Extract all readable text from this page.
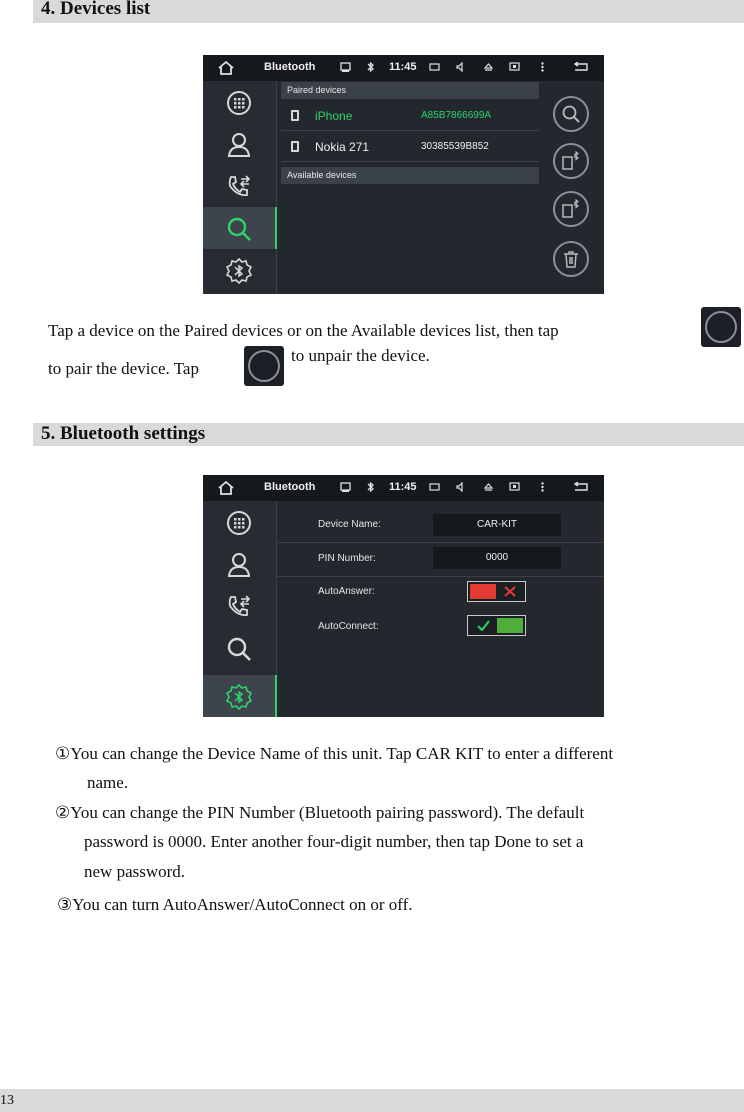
4. Devices list
Bluetooth	11:45
Paired devices
iPhone	A85B7866699A
Nokia 271	30385539B852
Available devices
Tap a device on the Paired devices or on the Available devices list, then tap
to pair the device. Tap
to unpair the device.
5. Bluetooth settings
Bluetooth	11:45
Device Name:	CAR-KIT
PIN Number:	0000
AutoAnswer:
AutoConnect:
①You can change the Device Name of this unit. Tap CAR KIT to enter a different
name.
②You can change the PIN Number (Bluetooth pairing password). The default
password is 0000. Enter another four-digit number, then tap Done to set a
new password.
③You can turn AutoAnswer/AutoConnect on or off.
13
